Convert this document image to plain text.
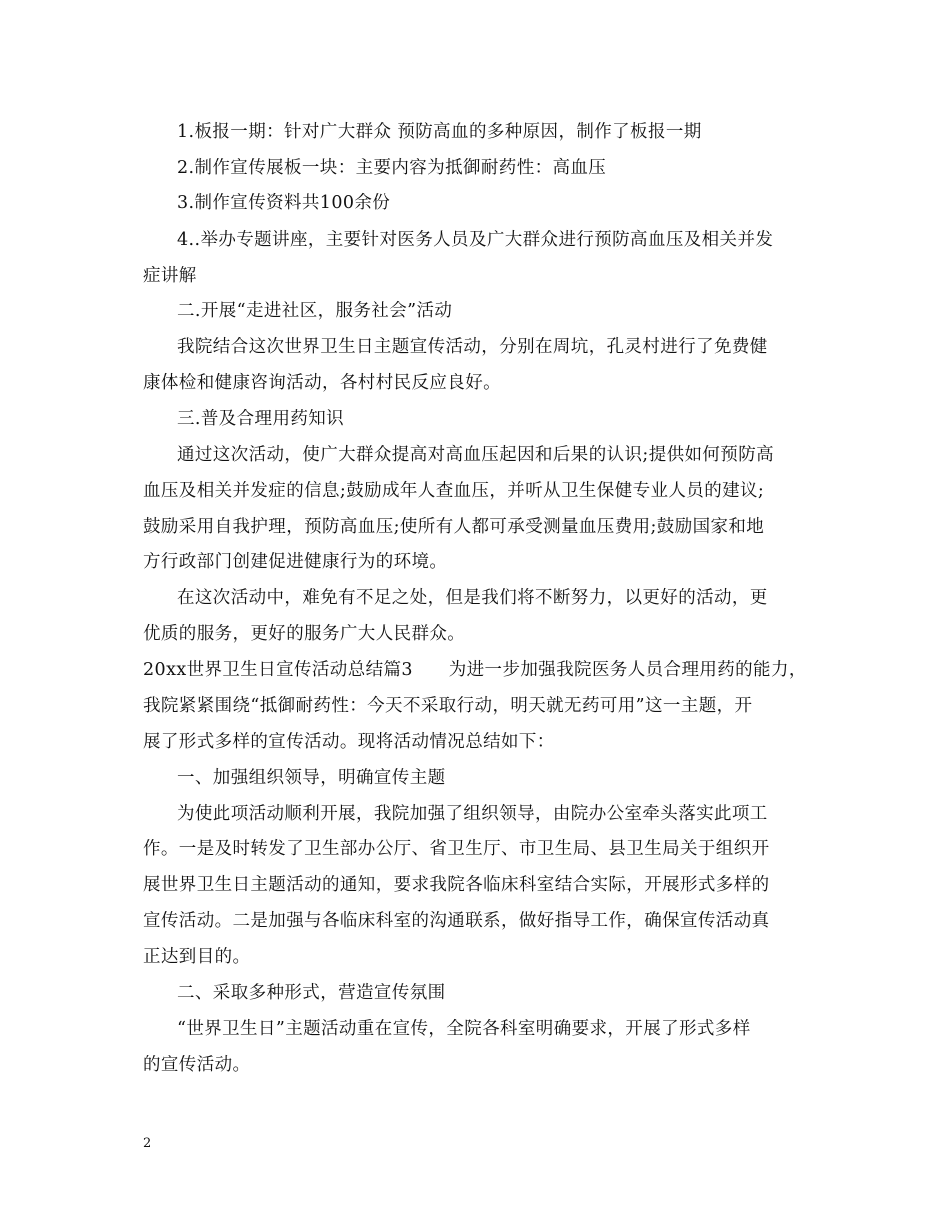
1.板报一期：针对广大群众 预防高血的多种原因，制作了板报一期
2.制作宣传展板一块：主要内容为抵御耐药性：高血压
3.制作宣传资料共100余份
4..举办专题讲座，主要针对医务人员及广大群众进行预防高血压及相关并发
症讲解
二.开展“走进社区，服务社会”活动
我院结合这次世界卫生日主题宣传活动，分别在周坑，孔灵村进行了免费健
康体检和健康咨询活动，各村村民反应良好。
三.普及合理用药知识
通过这次活动，使广大群众提高对高血压起因和后果的认识;提供如何预防高
血压及相关并发症的信息;鼓励成年人查血压，并听从卫生保健专业人员的建议;
鼓励采用自我护理，预防高血压;使所有人都可承受测量血压费用;鼓励国家和地
方行政部门创建促进健康行为的环境。
在这次活动中，难免有不足之处，但是我们将不断努力，以更好的活动，更
优质的服务，更好的服务广大人民群众。
20xx世界卫生日宣传活动总结篇3　　为进一步加强我院医务人员合理用药的能力，
我院紧紧围绕“抵御耐药性：今天不采取行动，明天就无药可用”这一主题，开
展了形式多样的宣传活动。现将活动情况总结如下：
一、加强组织领导，明确宣传主题
为使此项活动顺利开展，我院加强了组织领导，由院办公室牵头落实此项工
作。一是及时转发了卫生部办公厅、省卫生厅、市卫生局、县卫生局关于组织开
展世界卫生日主题活动的通知，要求我院各临床科室结合实际，开展形式多样的
宣传活动。二是加强与各临床科室的沟通联系，做好指导工作，确保宣传活动真
正达到目的。
二、采取多种形式，营造宣传氛围
“世界卫生日”主题活动重在宣传，全院各科室明确要求，开展了形式多样
的宣传活动。
2
